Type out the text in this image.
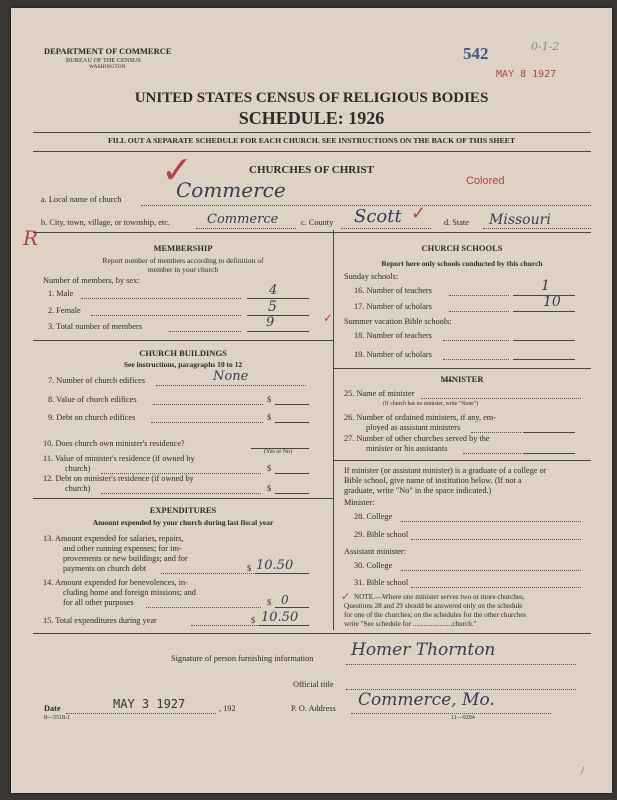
DEPARTMENT OF COMMERCE
BUREAU OF THE CENSUS
WASHINGTON
542	0-1-2
MAY 8 1927
UNITED STATES CENSUS OF RELIGIOUS BODIES
SCHEDULE: 1926
FILL OUT A SEPARATE SCHEDULE FOR EACH CHURCH. SEE INSTRUCTIONS ON THE BACK OF THIS SHEET
CHURCHES OF CHRIST
Colored
a. Local name of church	Commerce
✓
b. City, town, village, or township, etc.	Commerce	c. County Scott ✓ d. State Missouri
R	MEMBERSHIP
Report number of members according to definition of
member in your church
Number of members, by sex:
1. Male	4
2. Female	5
3. Total number of members	9
CHURCH BUILDINGS
See instructions, paragraphs 10 to 12
7. Number of church edifices	None
8. Value of church edifices	$
9. Debt on church edifices	$
10. Does church own minister's residence?
(Yes or No)
11. Value of minister's residence (if owned by
church)	$
12. Debt on minister's residence (if owned by
church)	$
EXPENDITURES
Amount expended by your church during last fiscal year
13. Amount expended for salaries, repairs,
and other running expenses; for im-
provements or new buildings; and for
payments on church debt	$ 10.50
14. Amount expended for benevolences, in-
cluding home and foreign missions; and
for all other purposes	$ 0
15. Total expenditures during year	$ 10.50
CHURCH SCHOOLS
Report here only schools conducted by this church
Sunday schools:
16. Number of teachers	1
17. Number of scholars	10
Summer vacation Bible schools:
✓
18. Number of teachers
19. Number of scholars
MINISTER
25. Name of minister ⁀
(If church has no minister, write "None")
26. Number of ordained ministers, if any, em-
ployed as assistant ministers
27. Number of other churches served by the
minister or his assistants
If minister (or assistant minister) is a graduate of a college or
Bible school, give name of institution below. (If not a
graduate, write "No" in the space indicated.)
Minister:
28. College
29. Bible school
Assistant minister:
30. College
31. Bible school
✓ NOTE.—Where one minister serves two or more churches,
Questions 28 and 29 should be answered only on the schedule
for one of the churches; on the schedules for the other churches
write "See schedule for ......................church."
Signature of person furnishing information Homer Thornton
Official title
Date	MAY 3 1927	, 192	P. O. Address Commerce, Mo.
8—5518-1	11—9204
/
